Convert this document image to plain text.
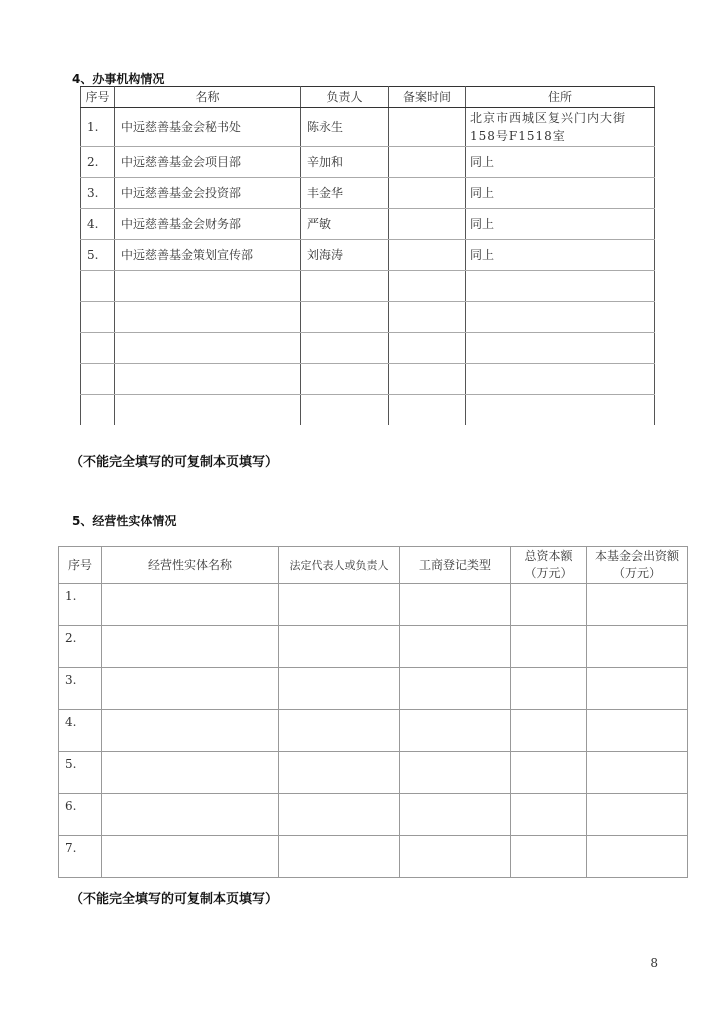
4、办事机构情况
序号	名称	负责人	备案时间	住所
1.	中远慈善基金会秘书处	陈永生		北京市西城区复兴门内大街158号F1518室
2.	中远慈善基金会项目部	辛加和		同上
3.	中远慈善基金会投资部	丰金华		同上
4.	中远慈善基金会财务部	严敏		同上
5.	中远慈善基金策划宣传部	刘海涛		同上

（不能完全填写的可复制本页填写）
5、经营性实体情况
序号	经营性实体名称	法定代表人或负责人	工商登记类型	总资本额（万元）	本基金会出资额（万元）
1.					
2.					
3.					
4.					
5.					
6.					
7.					
（不能完全填写的可复制本页填写）
8
